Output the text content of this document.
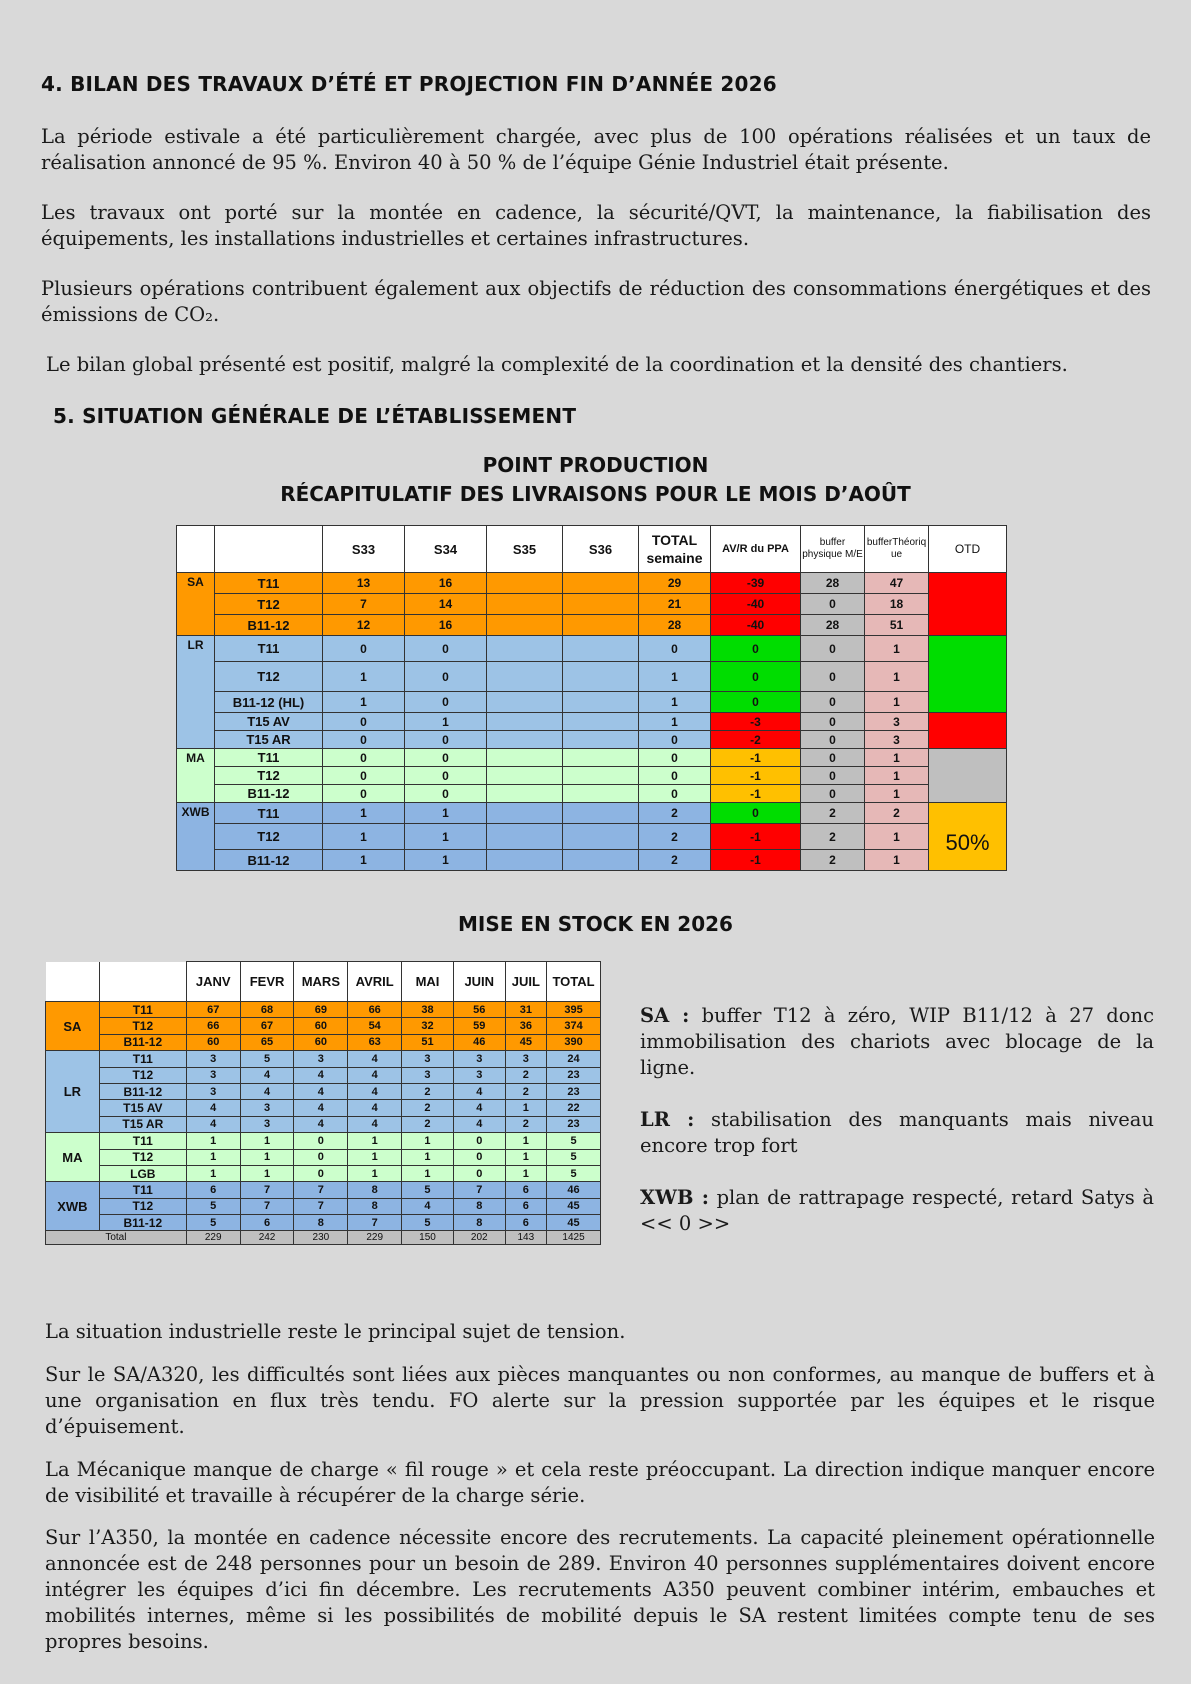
4. BILAN DES TRAVAUX D’ÉTÉ ET PROJECTION FIN D’ANNÉE 2026
La période estivale a été particulièrement chargée, avec plus de 100 opérations réalisées et un taux de réalisation annoncé de 95 %. Environ 40 à 50 % de l’équipe Génie Industriel était présente.
Les travaux ont porté sur la montée en cadence, la sécurité/QVT, la maintenance, la fiabilisation des équipements, les installations industrielles et certaines infrastructures.
Plusieurs opérations contribuent également aux objectifs de réduction des consommations énergétiques et des émissions de CO₂.
Le bilan global présenté est positif, malgré la complexité de la coordination et la densité des chantiers.
5. SITUATION GÉNÉRALE DE L’ÉTABLISSEMENT
POINT PRODUCTION
RÉCAPITULATIF DES LIVRAISONS POUR LE MOIS D’AOÛT
		S33	S34	S35	S36	TOTAL semaine	AV/R du PPA	buffer physique M/E	bufferThéorique	OTD
SA	T11	13	16			29	-39	28	47	
	T12	7	14			21	-40	0	18	
	B11-12	12	16			28	-40	28	51	
LR	T11	0	0			0	0	0	1	
	T12	1	0			1	0	0	1	
	B11-12 (HL)	1	0			1	0	0	1	
	T15 AV	0	1			1	-3	0	3	
	T15 AR	0	0			0	-2	0	3	
MA	T11	0	0			0	-1	0	1	
	T12	0	0			0	-1	0	1	
	B11-12	0	0			0	-1	0	1	
XWB	T11	1	1			2	0	2	2	50%
	T12	1	1			2	-1	2	1	
	B11-12	1	1			2	-1	2	1	
MISE EN STOCK EN 2026
		JANV	FEVR	MARS	AVRIL	MAI	JUIN	JUIL	TOTAL
SA	T11	67	68	69	66	38	56	31	395
	T12	66	67	60	54	32	59	36	374
	B11-12	60	65	60	63	51	46	45	390
LR	T11	3	5	3	4	3	3	3	24
	T12	3	4	4	4	3	3	2	23
	B11-12	3	4	4	4	2	4	2	23
	T15 AV	4	3	4	4	2	4	1	22
	T15 AR	4	3	4	4	2	4	2	23
MA	T11	1	1	0	1	1	0	1	5
	T12	1	1	0	1	1	0	1	5
	LGB	1	1	0	1	1	0	1	5
XWB	T11	6	7	7	8	5	7	6	46
	T12	5	7	7	8	4	8	6	45
	B11-12	5	6	8	7	5	8	6	45
Total		229	242	230	229	150	202	143	1425

SA : buffer T12 à zéro, WIP B11/12 à 27 donc immobilisation des chariots avec blocage de la ligne.

LR : stabilisation des manquants mais niveau encore trop fort

XWB : plan de rattrapage respecté, retard Satys à << 0 >>

La situation industrielle reste le principal sujet de tension.
Sur le SA/A320, les difficultés sont liées aux pièces manquantes ou non conformes, au manque de buffers et à une organisation en flux très tendu. FO alerte sur la pression supportée par les équipes et le risque d’épuisement.
La Mécanique manque de charge « fil rouge » et cela reste préoccupant. La direction indique manquer encore de visibilité et travaille à récupérer de la charge série.
Sur l’A350, la montée en cadence nécessite encore des recrutements. La capacité pleinement opérationnelle annoncée est de 248 personnes pour un besoin de 289. Environ 40 personnes supplémentaires doivent encore intégrer les équipes d’ici fin décembre. Les recrutements A350 peuvent combiner intérim, embauches et mobilités internes, même si les possibilités de mobilité depuis le SA restent limitées compte tenu de ses propres besoins.
